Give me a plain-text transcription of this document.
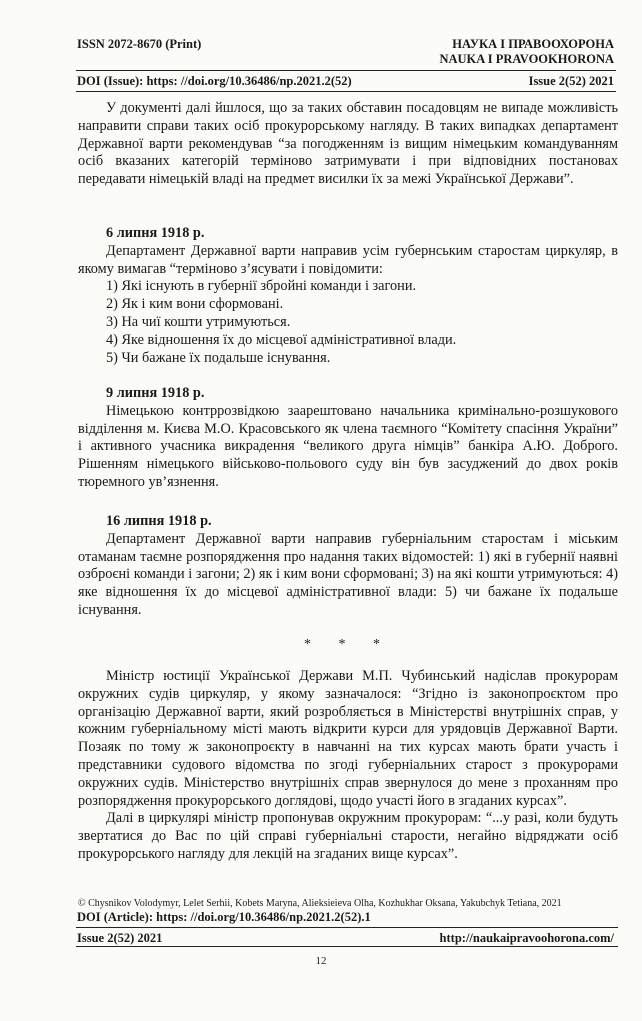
ISSN 2072-8670 (Print)	НАУКА І ПРАВООХОРОНА
NAUKA I PRAVOOKHORONA
DOI (Issue): https: //doi.org/10.36486/np.2021.2(52)	Issue 2(52) 2021

У документі далі йшлося, що за таких обставин посадовцям не випаде можливість направити справи таких осіб прокурорському нагляду. В таких випадках департамент Державної варти рекомендував “за погодженням із вищим німецьким командуванням осіб вказаних категорій терміново затримувати і при відповідних постановах передавати німецькій владі на предмет висилки їх за межі Української Держави”.

6 липня 1918 р.

Департамент Державної варти направив усім губернським старостам циркуляр, в якому вимагав “терміново з’ясувати і повідомити:

1) Які існують в губернії збройні команди і загони.

2) Як і ким вони сформовані.

3) На чиї кошти утримуються.

4) Яке відношення їх до місцевої адміністративної влади.

5) Чи бажане їх подальше існування.

9 липня 1918 р.

Німецькою контррозвідкою заарештовано начальника кримінально-розшукового відділення м. Києва М.О. Красовського як члена таємного “Комітету спасіння України” і активного учасника викрадення “великого друга німців” банкіра А.Ю. Доброго. Рішенням німецького військово-польового суду він був засуджений до двох років тюремного ув’язнення.

16 липня 1918 р.

Департамент Державної варти направив губерніальним старостам і міським отаманам таємне розпорядження про надання таких відомостей: 1) які в губернії наявні озброєні команди і загони; 2) як і ким вони сформовані; 3) на які кошти утримуються: 4) яке відношення їх до місцевої адміністративної влади: 5) чи бажане їх подальше існування.

* * *

Міністр юстиції Української Держави М.П. Чубинський надіслав прокурорам окружних судів циркуляр, у якому зазначалося: “Згідно із законопроєктом про організацію Державної варти, який розробляється в Міністерстві внутрішніх справ, у кожним губерніальному місті мають відкрити курси для урядовців Державної Варти. Позаяк по тому ж законопроєкту в навчанні на тих курсах мають брати участь і представники судового відомства по згоді губерніальних старост з прокурорами окружних судів. Міністерство внутрішніх справ звернулося до мене з проханням про розпорядження прокурорського доглядові, щодо участі його в згаданих курсах”.

Далі в циркулярі міністр пропонував окружним прокурорам: “...у разі, коли будуть звертатися до Вас по цій справі губерніальні старости, негайно відряджати осіб прокурорського нагляду для лекцій на згаданих вище курсах”.

© Chysnikov Volodymyr, Lelet Serhii, Kobets Maryna, Alieksieieva Olha, Kozhukhar Oksana, Yakubchyk Tetiana, 2021
DOI (Article): https: //doi.org/10.36486/np.2021.2(52).1
Issue 2(52) 2021	http://naukaipravoohorona.com/
12
